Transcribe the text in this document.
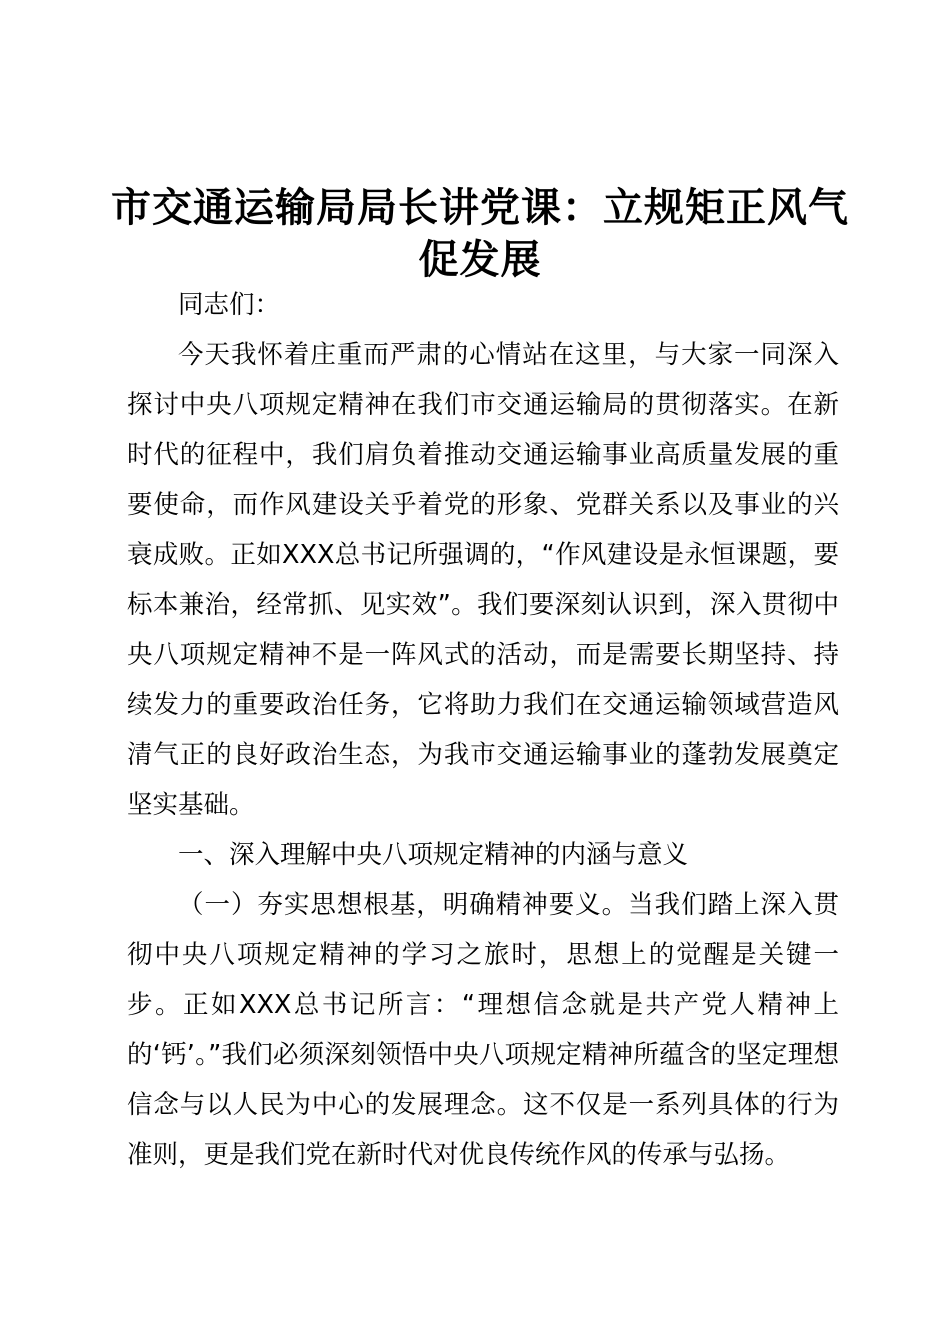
市交通运输局局长讲党课：立规矩正风气促发展

同志们：

今天我怀着庄重而严肃的心情站在这里，与大家一同深入探讨中央八项规定精神在我们市交通运输局的贯彻落实。在新时代的征程中，我们肩负着推动交通运输事业高质量发展的重要使命，而作风建设关乎着党的形象、党群关系以及事业的兴衰成败。正如XXX总书记所强调的，“作风建设是永恒课题，要标本兼治，经常抓、见实效”。我们要深刻认识到，深入贯彻中央八项规定精神不是一阵风式的活动，而是需要长期坚持、持续发力的重要政治任务，它将助力我们在交通运输领域营造风清气正的良好政治生态，为我市交通运输事业的蓬勃发展奠定坚实基础。

一、深入理解中央八项规定精神的内涵与意义

（一）夯实思想根基，明确精神要义。当我们踏上深入贯彻中央八项规定精神的学习之旅时，思想上的觉醒是关键一步。正如XXX总书记所言：“理想信念就是共产党人精神上的‘钙’。”我们必须深刻领悟中央八项规定精神所蕴含的坚定理想信念与以人民为中心的发展理念。这不仅是一系列具体的行为准则，更是我们党在新时代对优良传统作风的传承与弘扬。
